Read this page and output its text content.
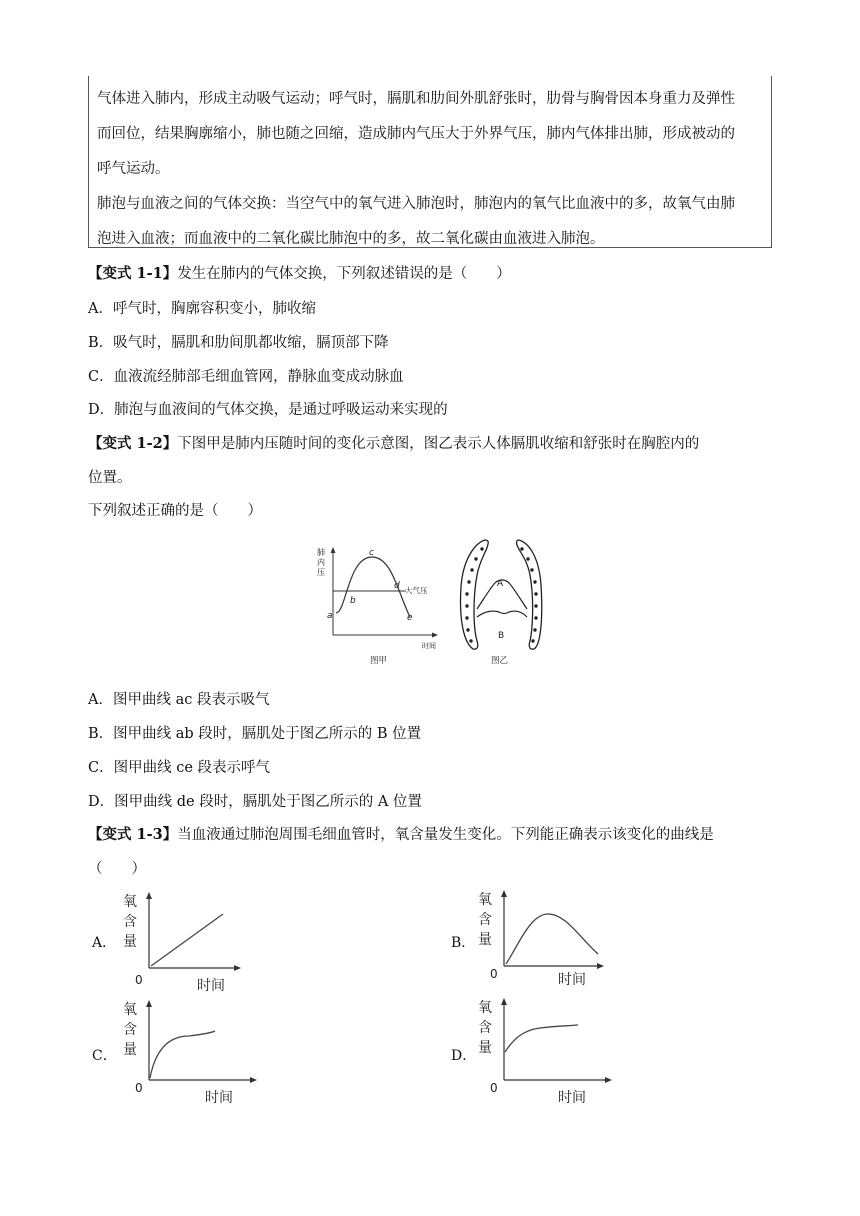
气体进入肺内，形成主动吸气运动；呼气时，膈肌和肋间外肌舒张时，肋骨与胸骨因本身重力及弹性

而回位，结果胸廓缩小，肺也随之回缩，造成肺内气压大于外界气压，肺内气体排出肺，形成被动的

呼气运动。

肺泡与血液之间的气体交换：当空气中的氧气进入肺泡时，肺泡内的氧气比血液中的多，故氧气由肺

泡进入血液；而血液中的二氧化碳比肺泡中的多，故二氧化碳由血液进入肺泡。

【变式 1-1】发生在肺内的气体交换，下列叙述错误的是（　　）

A．呼气时，胸廓容积变小，肺收缩

B．吸气时，膈肌和肋间肌都收缩，膈顶部下降

C．血液流经肺部毛细血管网，静脉血变成动脉血

D．肺泡与血液间的气体交换，是通过呼吸运动来实现的

【变式 1-2】下图甲是肺内压随时间的变化示意图，图乙表示人体膈肌收缩和舒张时在胸腔内的

位置。

下列叙述正确的是（　　）

肺
内
压
a
b
c
d
e
大气压
时间
图甲
A
B
图乙

A．图甲曲线 ac 段表示吸气

B．图甲曲线 ab 段时，膈肌处于图乙所示的 B 位置

C．图甲曲线 ce 段表示呼气

D．图甲曲线 de 段时，膈肌处于图乙所示的 A 位置

【变式 1-3】当血液通过肺泡周围毛细血管时，氧含量发生变化。下列能正确表示该变化的曲线是

（　　）

A．
氧
含
量
0	时间
B．
氧
含
量
0	时间
C．
氧
含
量
0
时间
D．
氧
含
量
0
时间
